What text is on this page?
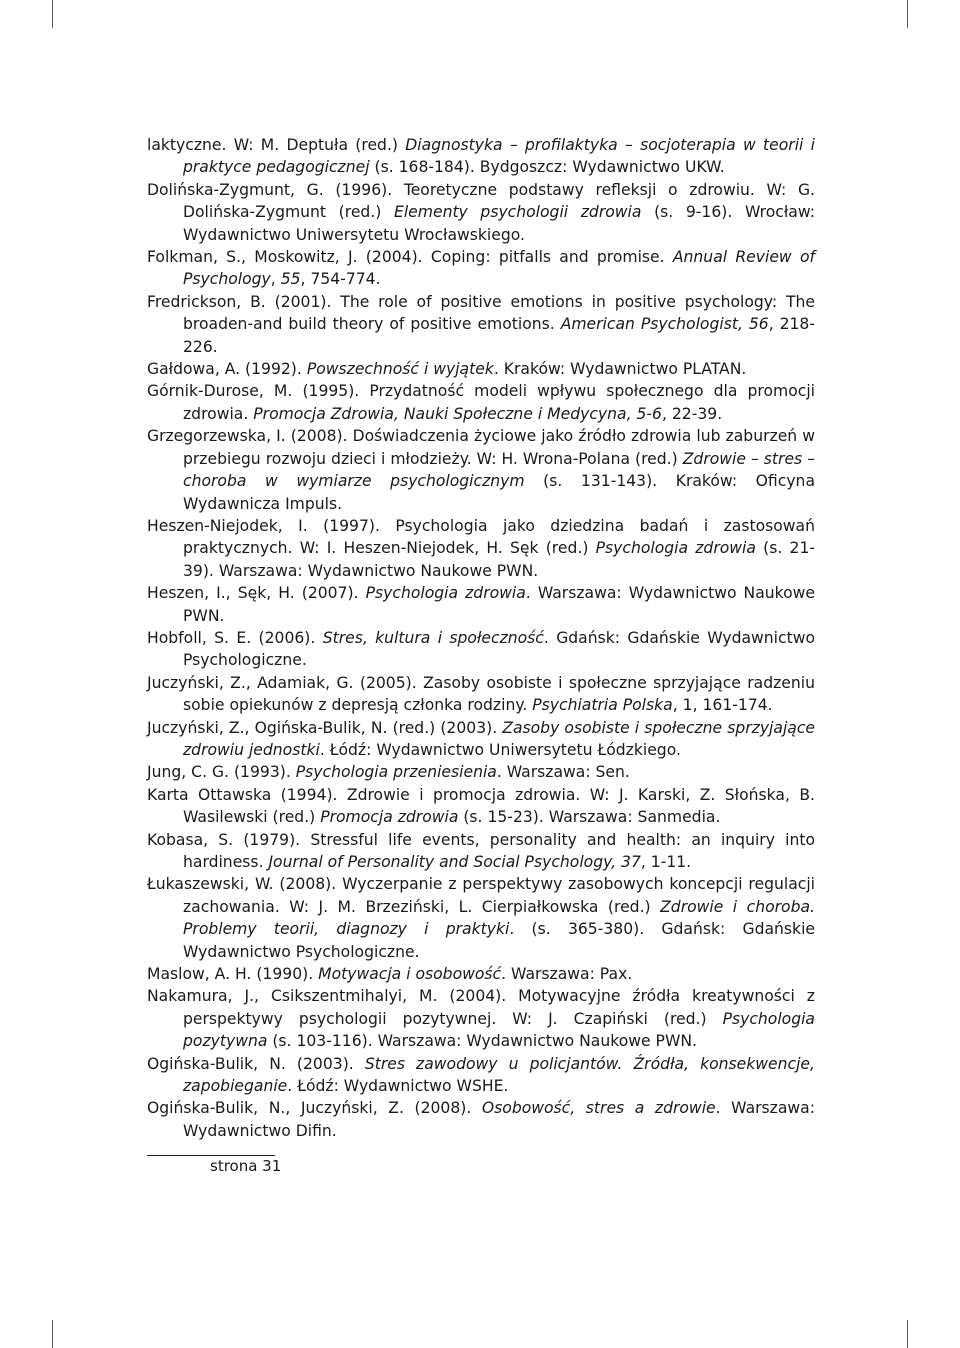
laktyczne. W: M. Deptuła (red.) Diagnostyka – profilaktyka – socjoterapia w teorii i praktyce pedagogicznej (s. 168-184). Bydgoszcz: Wydawnictwo UKW.

Dolińska-Zygmunt, G. (1996). Teoretyczne podstawy refleksji o zdrowiu. W: G. Dolińska-Zygmunt (red.) Elementy psychologii zdrowia (s. 9-16). Wrocław: Wydawnictwo Uniwersytetu Wrocławskiego.

Folkman, S., Moskowitz, J. (2004). Coping: pitfalls and promise. Annual Review of Psychology, 55, 754-774.

Fredrickson, B. (2001). The role of positive emotions in positive psychology: The broaden-and build theory of positive emotions. American Psychologist, 56, 218-226.

Gałdowa, A. (1992). Powszechność i wyjątek. Kraków: Wydawnictwo PLATAN.

Górnik-Durose, M. (1995). Przydatność modeli wpływu społecznego dla promocji zdrowia. Promocja Zdrowia, Nauki Społeczne i Medycyna, 5-6, 22-39.

Grzegorzewska, I. (2008). Doświadczenia życiowe jako źródło zdrowia lub zaburzeń w przebiegu rozwoju dzieci i młodzieży. W: H. Wrona-Polana (red.) Zdrowie – stres – choroba w wymiarze psychologicznym (s. 131-143). Kraków: Oficyna Wydawnicza Impuls.

Heszen-Niejodek, I. (1997). Psychologia jako dziedzina badań i zastosowań praktycznych. W: I. Heszen-Niejodek, H. Sęk (red.) Psychologia zdrowia (s. 21- 39). Warszawa: Wydawnictwo Naukowe PWN.

Heszen, I., Sęk, H. (2007). Psychologia zdrowia. Warszawa: Wydawnictwo Naukowe PWN.

Hobfoll, S. E. (2006). Stres, kultura i społeczność. Gdańsk: Gdańskie Wydawnictwo Psychologiczne.

Juczyński, Z., Adamiak, G. (2005). Zasoby osobiste i społeczne sprzyjające radzeniu sobie opiekunów z depresją członka rodziny. Psychiatria Polska, 1, 161-174.

Juczyński, Z., Ogińska-Bulik, N. (red.) (2003). Zasoby osobiste i społeczne sprzyjające zdrowiu jednostki. Łódź: Wydawnictwo Uniwersytetu Łódzkiego.

Jung, C. G. (1993). Psychologia przeniesienia. Warszawa: Sen.

Karta Ottawska (1994). Zdrowie i promocja zdrowia. W: J. Karski, Z. Słońska, B. Wasilewski (red.) Promocja zdrowia (s. 15-23). Warszawa: Sanmedia.

Kobasa, S. (1979). Stressful life events, personality and health: an inquiry into hardiness. Journal of Personality and Social Psychology, 37, 1-11.

Łukaszewski, W. (2008). Wyczerpanie z perspektywy zasobowych koncepcji regulacji zachowania. W: J. M. Brzeziński, L. Cierpiałkowska (red.) Zdrowie i choroba. Problemy teorii, diagnozy i praktyki. (s. 365-380). Gdańsk: Gdańskie Wydawnictwo Psychologiczne.

Maslow, A. H. (1990). Motywacja i osobowość. Warszawa: Pax.

Nakamura, J., Csikszentmihalyi, M. (2004). Motywacyjne źródła kreatywności z perspektywy psychologii pozytywnej. W: J. Czapiński (red.) Psychologia pozytywna (s. 103-116). Warszawa: Wydawnictwo Naukowe PWN.

Ogińska-Bulik, N. (2003). Stres zawodowy u policjantów. Źródła, konsekwencje, zapobieganie. Łódź: Wydawnictwo WSHE.

Ogińska-Bulik, N., Juczyński, Z. (2008). Osobowość, stres a zdrowie. Warszawa: Wydawnictwo Difin.

strona 31
